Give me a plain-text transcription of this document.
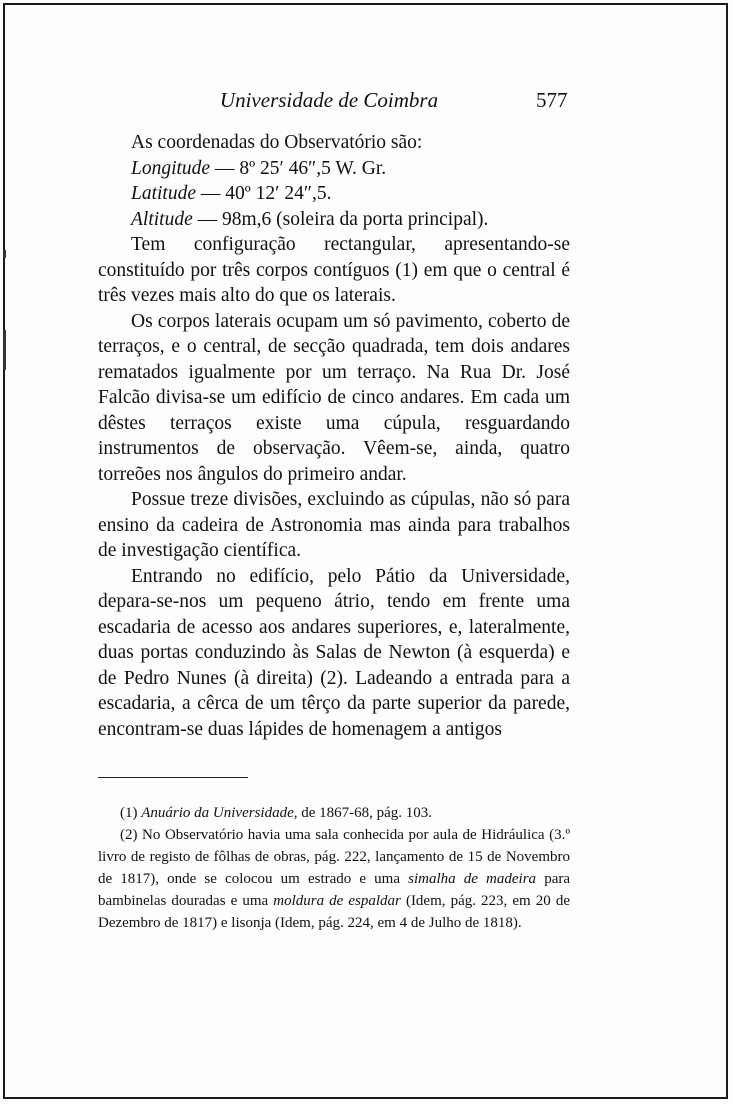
Universidade de Coimbra	577
As coordenadas do Observatório são:
Longitude — 8º 25′ 46″,5 W. Gr.
Latitude — 40º 12′ 24″,5.
Altitude — 98m,6 (soleira da porta principal).

Tem configuração rectangular, apresentando-se constituído por três corpos contíguos (1) em que o central é três vezes mais alto do que os laterais.

Os corpos laterais ocupam um só pavimento, coberto de terraços, e o central, de secção quadrada, tem dois andares rematados igualmente por um terraço. Na Rua Dr. José Falcão divisa-se um edifício de cinco andares. Em cada um dêstes terraços existe uma cúpula, resguardando instrumentos de observação. Vêem-se, ainda, quatro torreões nos ângulos do primeiro andar.

Possue treze divisões, excluindo as cúpulas, não só para ensino da cadeira de Astronomia mas ainda para trabalhos de investigação científica.

Entrando no edifício, pelo Pátio da Universidade, depara-se-nos um pequeno átrio, tendo em frente uma escadaria de acesso aos andares superiores, e, lateralmente, duas portas conduzindo às Salas de Newton (à esquerda) e de Pedro Nunes (à direita) (2). Ladeando a entrada para a escadaria, a cêrca de um têrço da parte superior da parede, encontram-se duas lápides de homenagem a antigos

(1) Anuário da Universidade, de 1867-68, pág. 103.

(2) No Observatório havia uma sala conhecida por aula de Hidráulica (3.º livro de registo de fôlhas de obras, pág. 222, lançamento de 15 de Novembro de 1817), onde se colocou um estrado e uma simalha de madeira para bambinelas douradas e uma moldura de espaldar (Idem, pág. 223, em 20 de Dezembro de 1817) e lisonja (Idem, pág. 224, em 4 de Julho de 1818).
